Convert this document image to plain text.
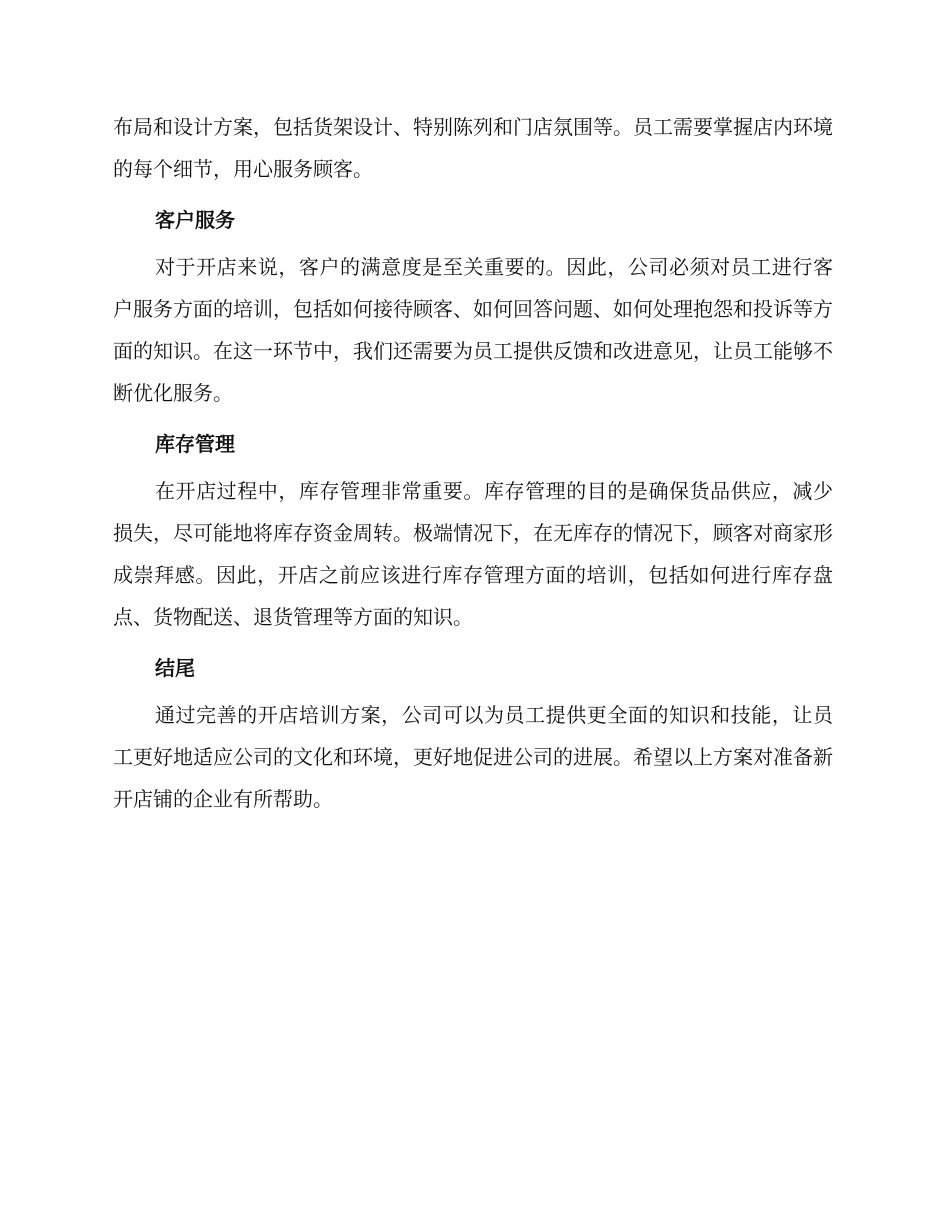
布局和设计方案，包括货架设计、特别陈列和门店氛围等。员工需要掌握店内环境的每个细节，用心服务顾客。

客户服务

对于开店来说，客户的满意度是至关重要的。因此，公司必须对员工进行客户服务方面的培训，包括如何接待顾客、如何回答问题、如何处理抱怨和投诉等方面的知识。在这一环节中，我们还需要为员工提供反馈和改进意见，让员工能够不断优化服务。

库存管理

在开店过程中，库存管理非常重要。库存管理的目的是确保货品供应，减少损失，尽可能地将库存资金周转。极端情况下，在无库存的情况下，顾客对商家形成崇拜感。因此，开店之前应该进行库存管理方面的培训，包括如何进行库存盘点、货物配送、退货管理等方面的知识。

结尾

通过完善的开店培训方案，公司可以为员工提供更全面的知识和技能，让员工更好地适应公司的文化和环境，更好地促进公司的进展。希望以上方案对准备新开店铺的企业有所帮助。
